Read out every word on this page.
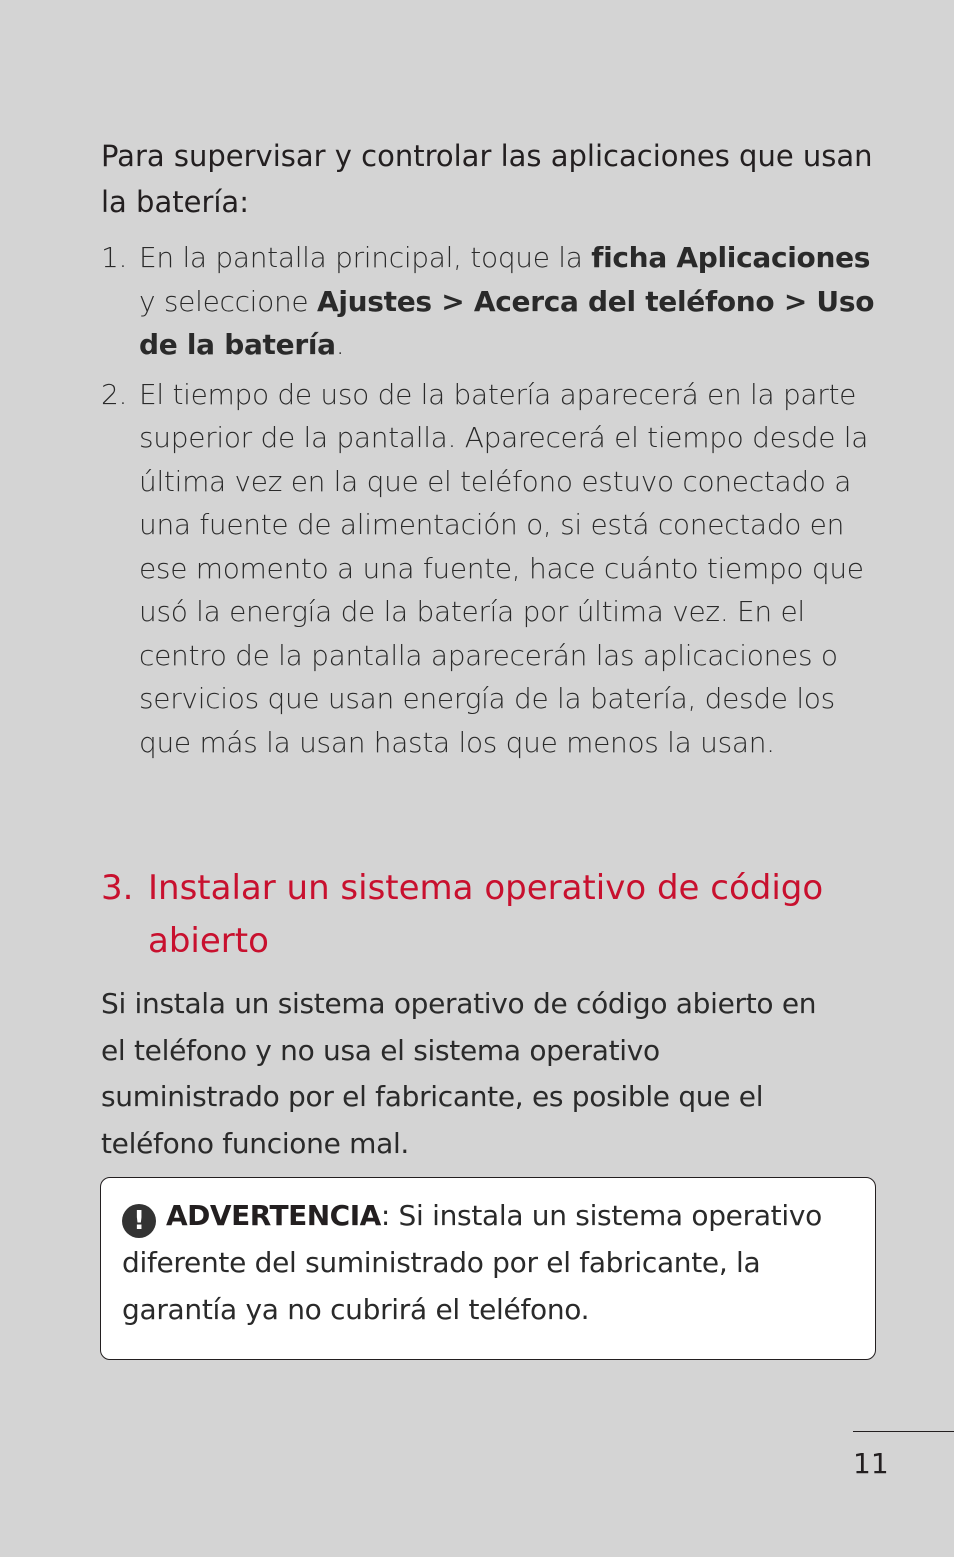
Para supervisar y controlar las aplicaciones que usan la batería:
1. En la pantalla principal, toque la ficha Aplicaciones y seleccione Ajustes > Acerca del teléfono > Uso de la batería.
2. El tiempo de uso de la batería aparecerá en la parte superior de la pantalla. Aparecerá el tiempo desde la última vez en la que el teléfono estuvo conectado a una fuente de alimentación o, si está conectado en ese momento a una fuente, hace cuánto tiempo que usó la energía de la batería por última vez. En el centro de la pantalla aparecerán las aplicaciones o servicios que usan energía de la batería, desde los que más la usan hasta los que menos la usan.
3. Instalar un sistema operativo de código abierto
Si instala un sistema operativo de código abierto en el teléfono y no usa el sistema operativo suministrado por el fabricante, es posible que el teléfono funcione mal.
! ADVERTENCIA: Si instala un sistema operativo diferente del suministrado por el fabricante, la garantía ya no cubrirá el teléfono.
11
